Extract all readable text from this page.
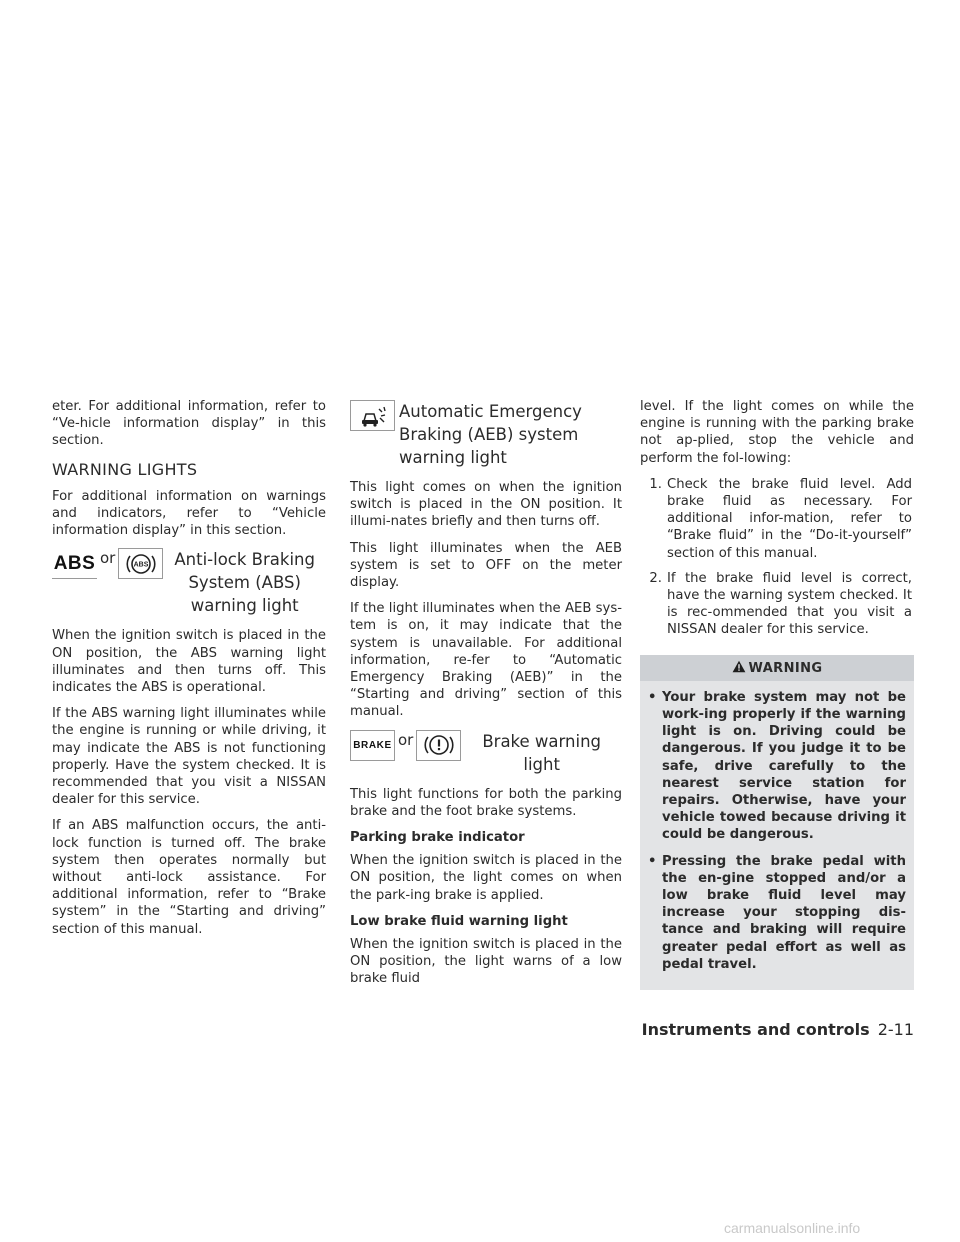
eter. For additional information, refer to “Ve-hicle information display” in this section.

WARNING LIGHTS

For additional information on warnings and indicators, refer to “Vehicle information display” in this section.

ABS or	ABS	Anti-lock Braking
System (ABS)
warning light

When the ignition switch is placed in the ON position, the ABS warning light illuminates and then turns off. This indicates the ABS is operational.

If the ABS warning light illuminates while the engine is running or while driving, it may indicate the ABS is not functioning properly. Have the system checked. It is recommended that you visit a NISSAN dealer for this service.

If an ABS malfunction occurs, the anti-lock function is turned off. The brake system then operates normally but without anti-lock assistance. For additional information, refer to “Brake system” in the “Starting and driving” section of this manual.

Automatic Emergency
Braking (AEB) system
warning light

This light comes on when the ignition switch is placed in the ON position. It illumi-nates briefly and then turns off.

This light illuminates when the AEB system is set to OFF on the meter display.

If the light illuminates when the AEB sys-tem is on, it may indicate that the system is unavailable. For additional information, re-fer to “Automatic Emergency Braking (AEB)” in the “Starting and driving” section of this manual.

BRAKE or	Brake warning
light

This light functions for both the parking brake and the foot brake systems.

Parking brake indicator

When the ignition switch is placed in the ON position, the light comes on when the park-ing brake is applied.

Low brake fluid warning light

When the ignition switch is placed in the ON position, the light warns of a low brake fluid

level. If the light comes on while the engine is running with the parking brake not ap-plied, stop the vehicle and perform the fol-lowing:

1. Check the brake fluid level. Add brake fluid as necessary. For additional infor-mation, refer to “Brake fluid” in the “Do-it-yourself” section of this manual.
2. If the brake fluid level is correct, have the warning system checked. It is rec-ommended that you visit a NISSAN dealer for this service.
WARNING
• Your brake system may not be work-ing properly if the warning light is on. Driving could be dangerous. If you judge it to be safe, drive carefully to the nearest service station for repairs. Otherwise, have your vehicle towed because driving it could be dangerous.
• Pressing the brake pedal with the en-gine stopped and/or a low brake fluid level may increase your stopping dis-tance and braking will require greater pedal effort as well as pedal travel.
Instruments and controls 2-11
carmanualsonline.info
